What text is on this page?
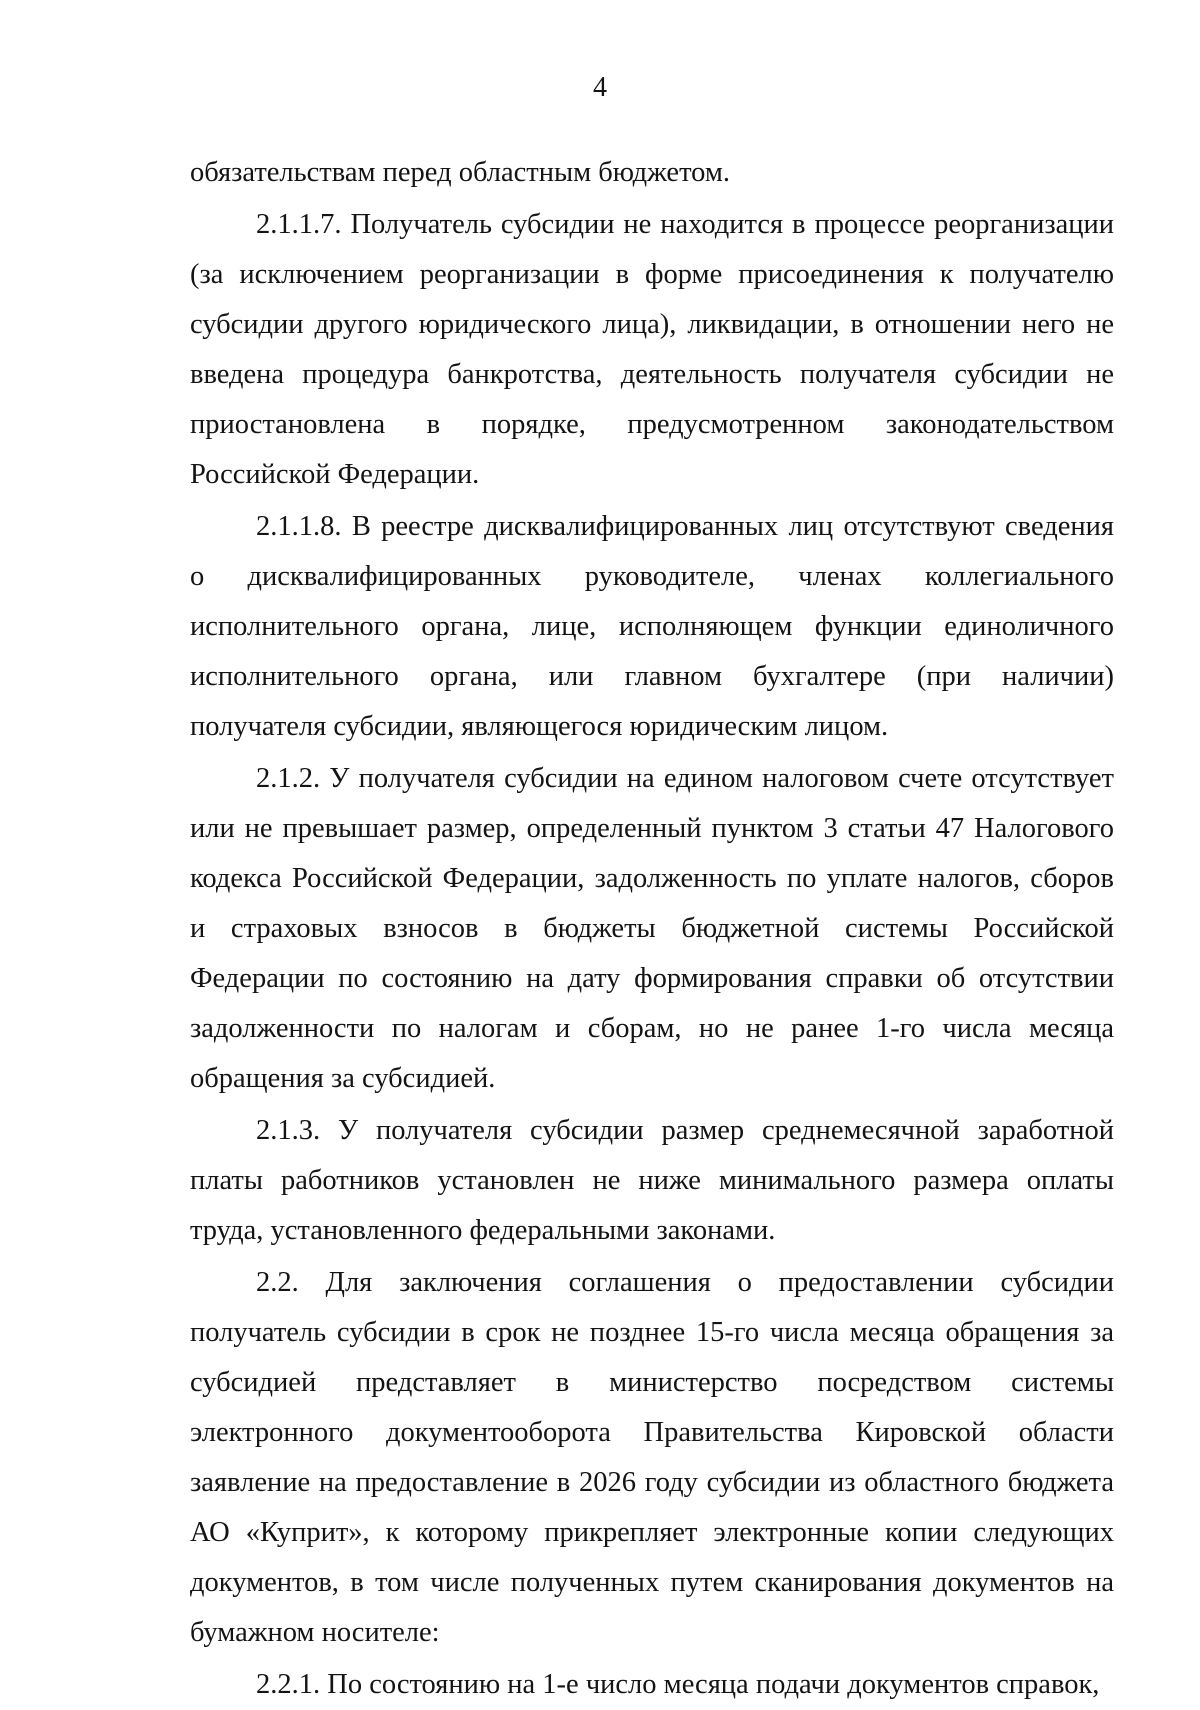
4

обязательствам перед областным бюджетом.

2.1.1.7. Получатель субсидии не находится в процессе реорганизации (за исключением реорганизации в форме присоединения к получателю субсидии другого юридического лица), ликвидации, в отношении него не введена процедура банкротства, деятельность получателя субсидии не приостановлена в порядке, предусмотренном законодательством Российской Федерации.

2.1.1.8. В реестре дисквалифицированных лиц отсутствуют сведения о дисквалифицированных руководителе, членах коллегиального исполнительного органа, лице, исполняющем функции единоличного исполнительного органа, или главном бухгалтере (при наличии) получателя субсидии, являющегося юридическим лицом.

2.1.2. У получателя субсидии на едином налоговом счете отсутствует или не превышает размер, определенный пунктом 3 статьи 47 Налогового кодекса Российской Федерации, задолженность по уплате налогов, сборов и страховых взносов в бюджеты бюджетной системы Российской Федерации по состоянию на дату формирования справки об отсутствии задолженности по налогам и сборам, но не ранее 1-го числа месяца обращения за субсидией.

2.1.3. У получателя субсидии размер среднемесячной заработной платы работников установлен не ниже минимального размера оплаты труда, установленного федеральными законами.

2.2. Для заключения соглашения о предоставлении субсидии получатель субсидии в срок не позднее 15-го числа месяца обращения за субсидией представляет в министерство посредством системы электронного документооборота Правительства Кировской области заявление на предоставление в 2026 году субсидии из областного бюджета АО «Куприт», к которому прикрепляет электронные копии следующих документов, в том числе полученных путем сканирования документов на бумажном носителе:

2.2.1. По состоянию на 1-е число месяца подачи документов справок,
